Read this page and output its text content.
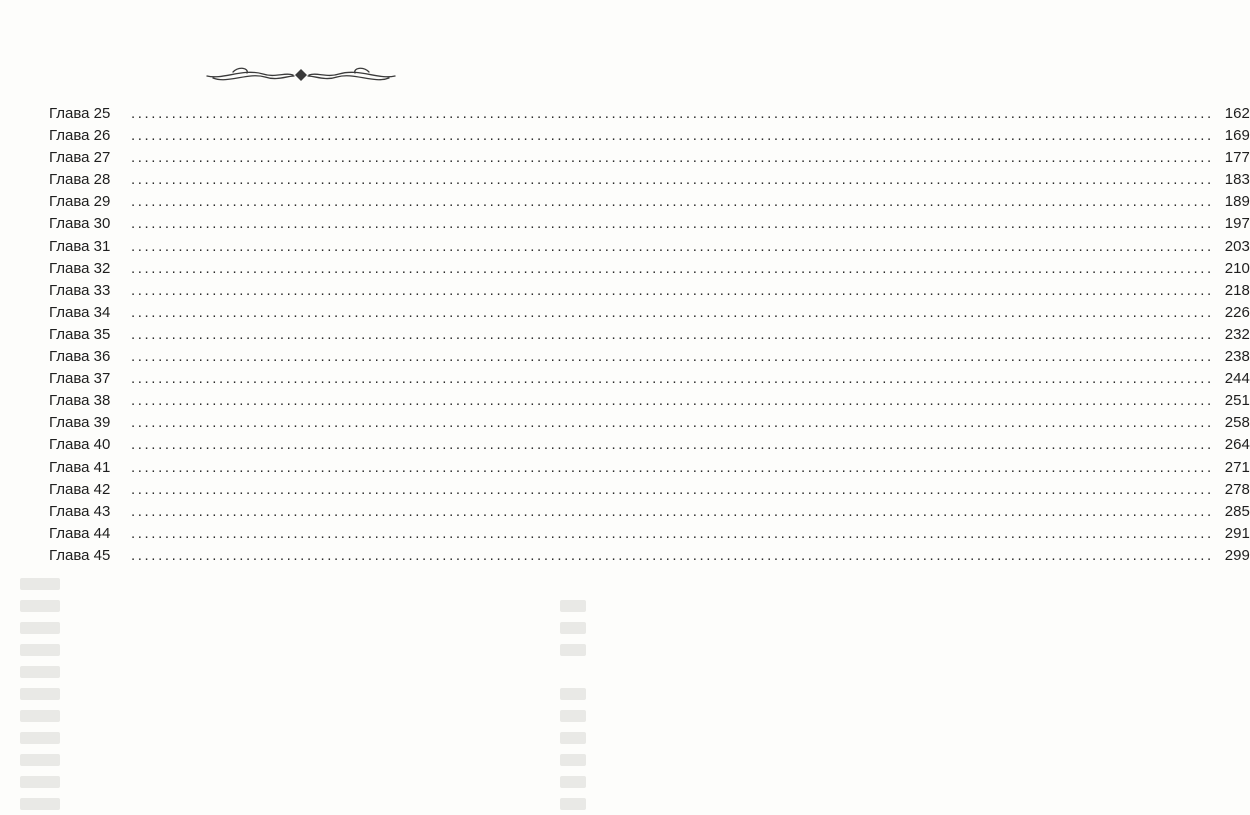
Глава 25	................................................................................................................................................................ 162
Глава 26	................................................................................................................................................................ 169
Глава 27	................................................................................................................................................................ 177
Глава 28	................................................................................................................................................................ 183
Глава 29	................................................................................................................................................................ 189
Глава 30	................................................................................................................................................................ 197
Глава 31	................................................................................................................................................................ 203
Глава 32	................................................................................................................................................................ 210
Глава 33	................................................................................................................................................................ 218
Глава 34	................................................................................................................................................................ 226
Глава 35	................................................................................................................................................................ 232
Глава 36	................................................................................................................................................................ 238
Глава 37	................................................................................................................................................................ 244
Глава 38	................................................................................................................................................................ 251
Глава 39	................................................................................................................................................................ 258
Глава 40	................................................................................................................................................................ 264
Глава 41	................................................................................................................................................................ 271
Глава 42	................................................................................................................................................................ 278
Глава 43	................................................................................................................................................................ 285
Глава 44	................................................................................................................................................................ 291
Глава 45	................................................................................................................................................................ 299
